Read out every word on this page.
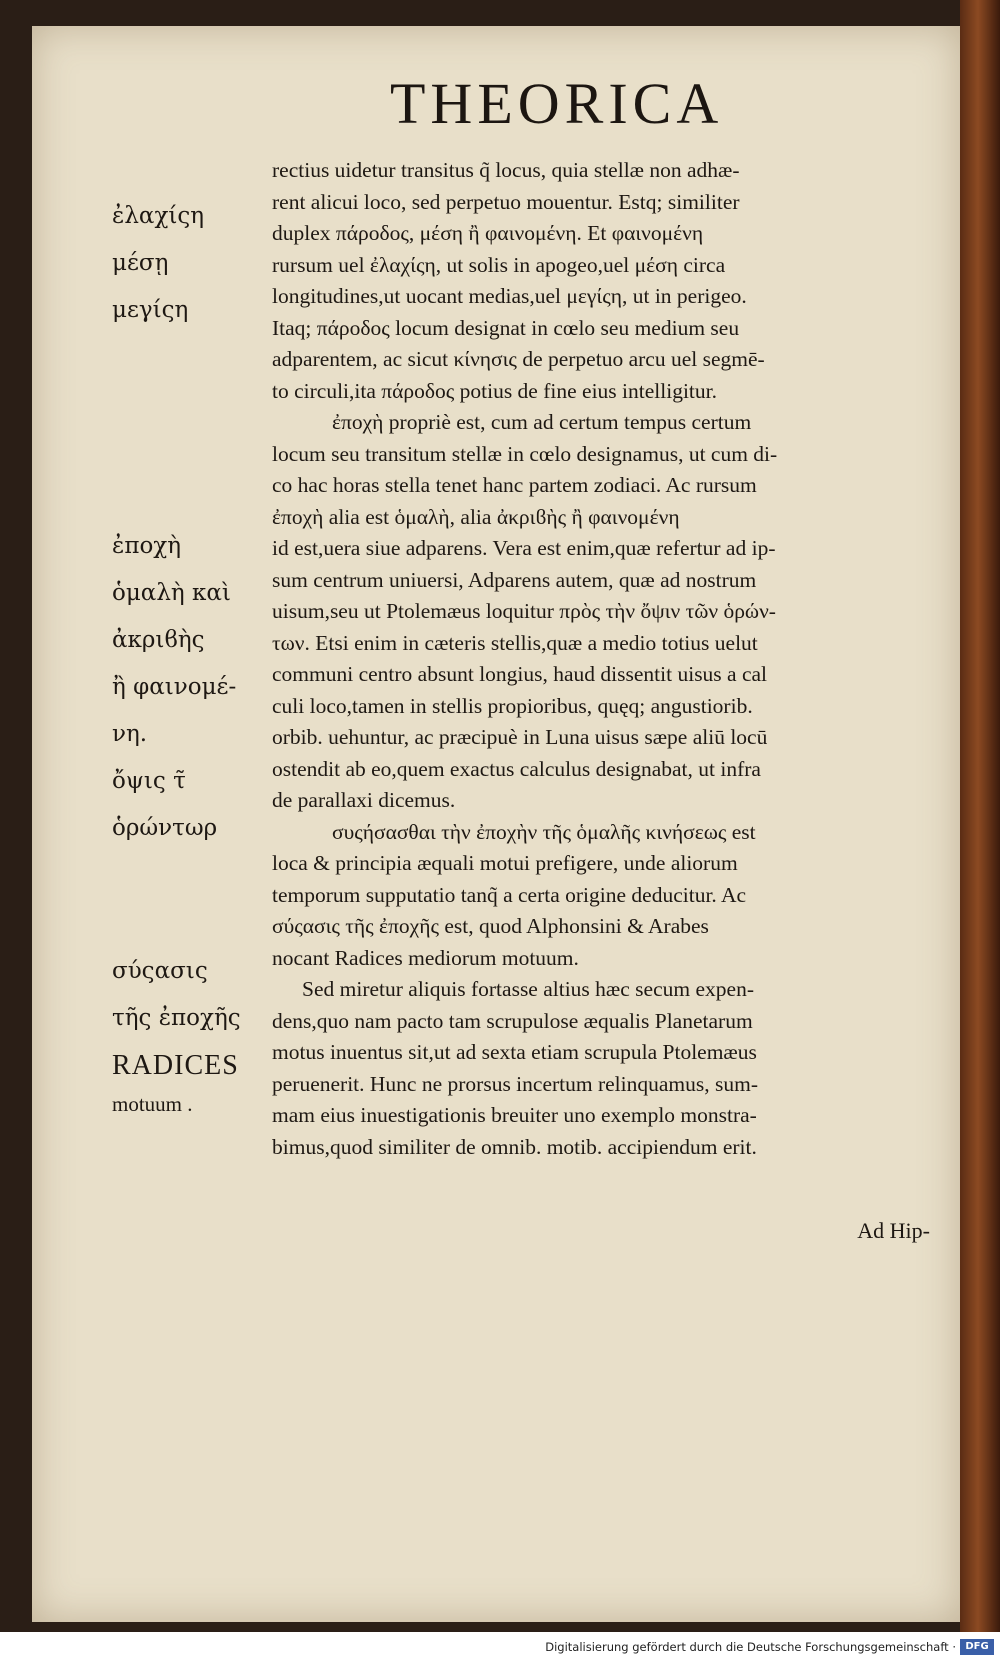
THEORICA
ἐλαχίςη
μέσῃ
μεγίςη
ἐποχὴ
ὁμαλὴ καὶ
ἀκριϐὴς
ἢ φαινομέ-
νη.
ὄψις τ̃
ὁρώντωρ
σύςασις
τῆς ἐποχῆς
RADICES
motuum .
rectius uidetur transitus q̃ locus, quia stellæ non adhæ-
rent alicui loco, sed perpetuo mouentur. Estq; similiter
duplex πάροδος, μέση ἢ φαινομένη. Et φαινομένη
rursum uel ἐλαχίςη, ut solis in apogeo,uel μέση circa
longitudines,ut uocant medias,uel μεγίςη, ut in perigeo.
Itaq; πάροδος locum designat in cœlo seu medium seu
adparentem, ac sicut κίνησις de perpetuo arcu uel segmē-
to circuli,ita πάροδος potius de fine eius intelligitur.
ἐποχὴ propriè est, cum ad certum tempus certum
locum seu transitum stellæ in cœlo designamus, ut cum di-
co hac horas stella tenet hanc partem zodiaci. Ac rursum
ἐποχὴ alia est ὁμαλὴ, alia ἀκριϐὴς ἢ φαινομένη
id est,uera siue adparens. Vera est enim,quæ refertur ad ip-
sum centrum uniuersi, Adparens autem, quæ ad nostrum
uisum,seu ut Ptolemæus loquitur πρὸς τὴν ὄψιν τῶν ὁρών-
των. Etsi enim in cæteris stellis,quæ a medio totius uelut
communi centro absunt longius, haud dissentit uisus a cal
culi loco,tamen in stellis propioribus, quęq; angustiorib.
orbib. uehuntur, ac præcipuè in Luna uisus sæpe aliū locū
ostendit ab eo,quem exactus calculus designabat, ut infra
de parallaxi dicemus.
συςήσασθαι τὴν ἐποχὴν τῆς ὁμαλῆς κινήσεως est
loca & principia æquali motui prefigere, unde aliorum
temporum supputatio tanq̃ a certa origine deducitur. Ac
σύςασις τῆς ἐποχῆς est, quod Alphonsini & Arabes
nocant Radices mediorum motuum.
Sed miretur aliquis fortasse altius hæc secum expen-
dens,quo nam pacto tam scrupulose æqualis Planetarum
motus inuentus sit,ut ad sexta etiam scrupula Ptolemæus
peruenerit. Hunc ne prorsus incertum relinquamus, sum-
mam eius inuestigationis breuiter uno exemplo monstra-
bimus,quod similiter de omnib. motib. accipiendum erit.
Ad Hip-
Digitalisierung gefördert durch die Deutsche Forschungsgemeinschaft · DFG
